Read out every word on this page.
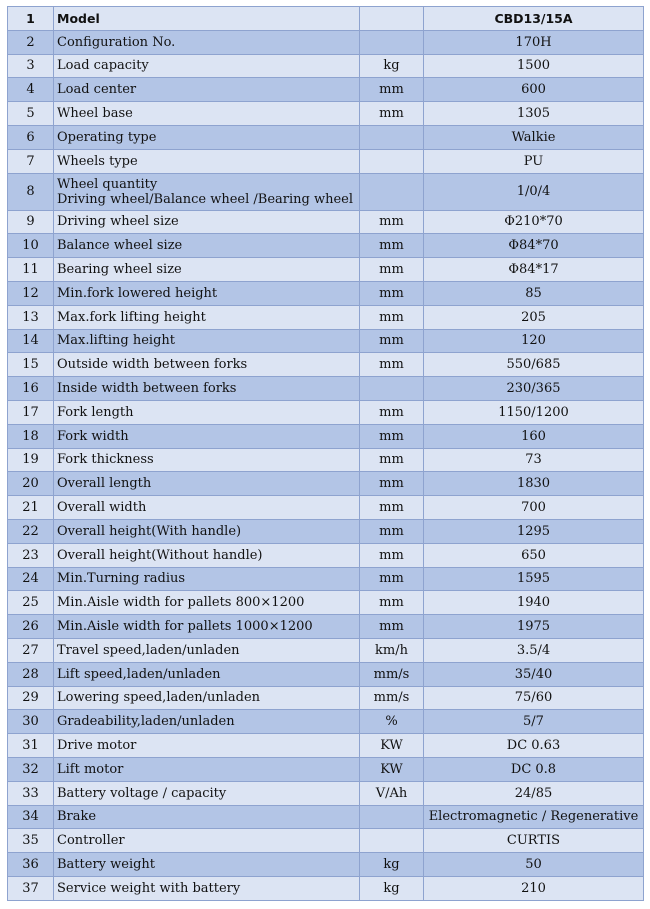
1	Model		CBD13/15A
2	Configuration No.		170H
3	Load capacity	kg	1500
4	Load center	mm	600
5	Wheel base	mm	1305
6	Operating type		Walkie
7	Wheels type		PU
8	Wheel quantity
Driving wheel/Balance wheel /Bearing wheel		1/0/4
9	Driving wheel size	mm	Φ210*70
10	Balance wheel size	mm	Φ84*70
11	Bearing wheel size	mm	Φ84*17
12	Min.fork lowered height	mm	85
13	Max.fork lifting height	mm	205
14	Max.lifting height	mm	120
15	Outside width between forks	mm	550/685
16	Inside width between forks		230/365
17	Fork length	mm	1150/1200
18	Fork width	mm	160
19	Fork thickness	mm	73
20	Overall length	mm	1830
21	Overall width	mm	700
22	Overall height(With handle)	mm	1295
23	Overall height(Without handle)	mm	650
24	Min.Turning radius	mm	1595
25	Min.Aisle width for pallets 800×1200	mm	1940
26	Min.Aisle width for pallets 1000×1200	mm	1975
27	Travel speed,laden/unladen	km/h	3.5/4
28	Lift speed,laden/unladen	mm/s	35/40
29	Lowering speed,laden/unladen	mm/s	75/60
30	Gradeability,laden/unladen	%	5/7
31	Drive motor	KW	DC 0.63
32	Lift motor	KW	DC 0.8
33	Battery voltage / capacity	V/Ah	24/85
34	Brake		Electromagnetic / Regenerative
35	Controller		CURTIS
36	Battery weight	kg	50
37	Service weight with battery	kg	210
